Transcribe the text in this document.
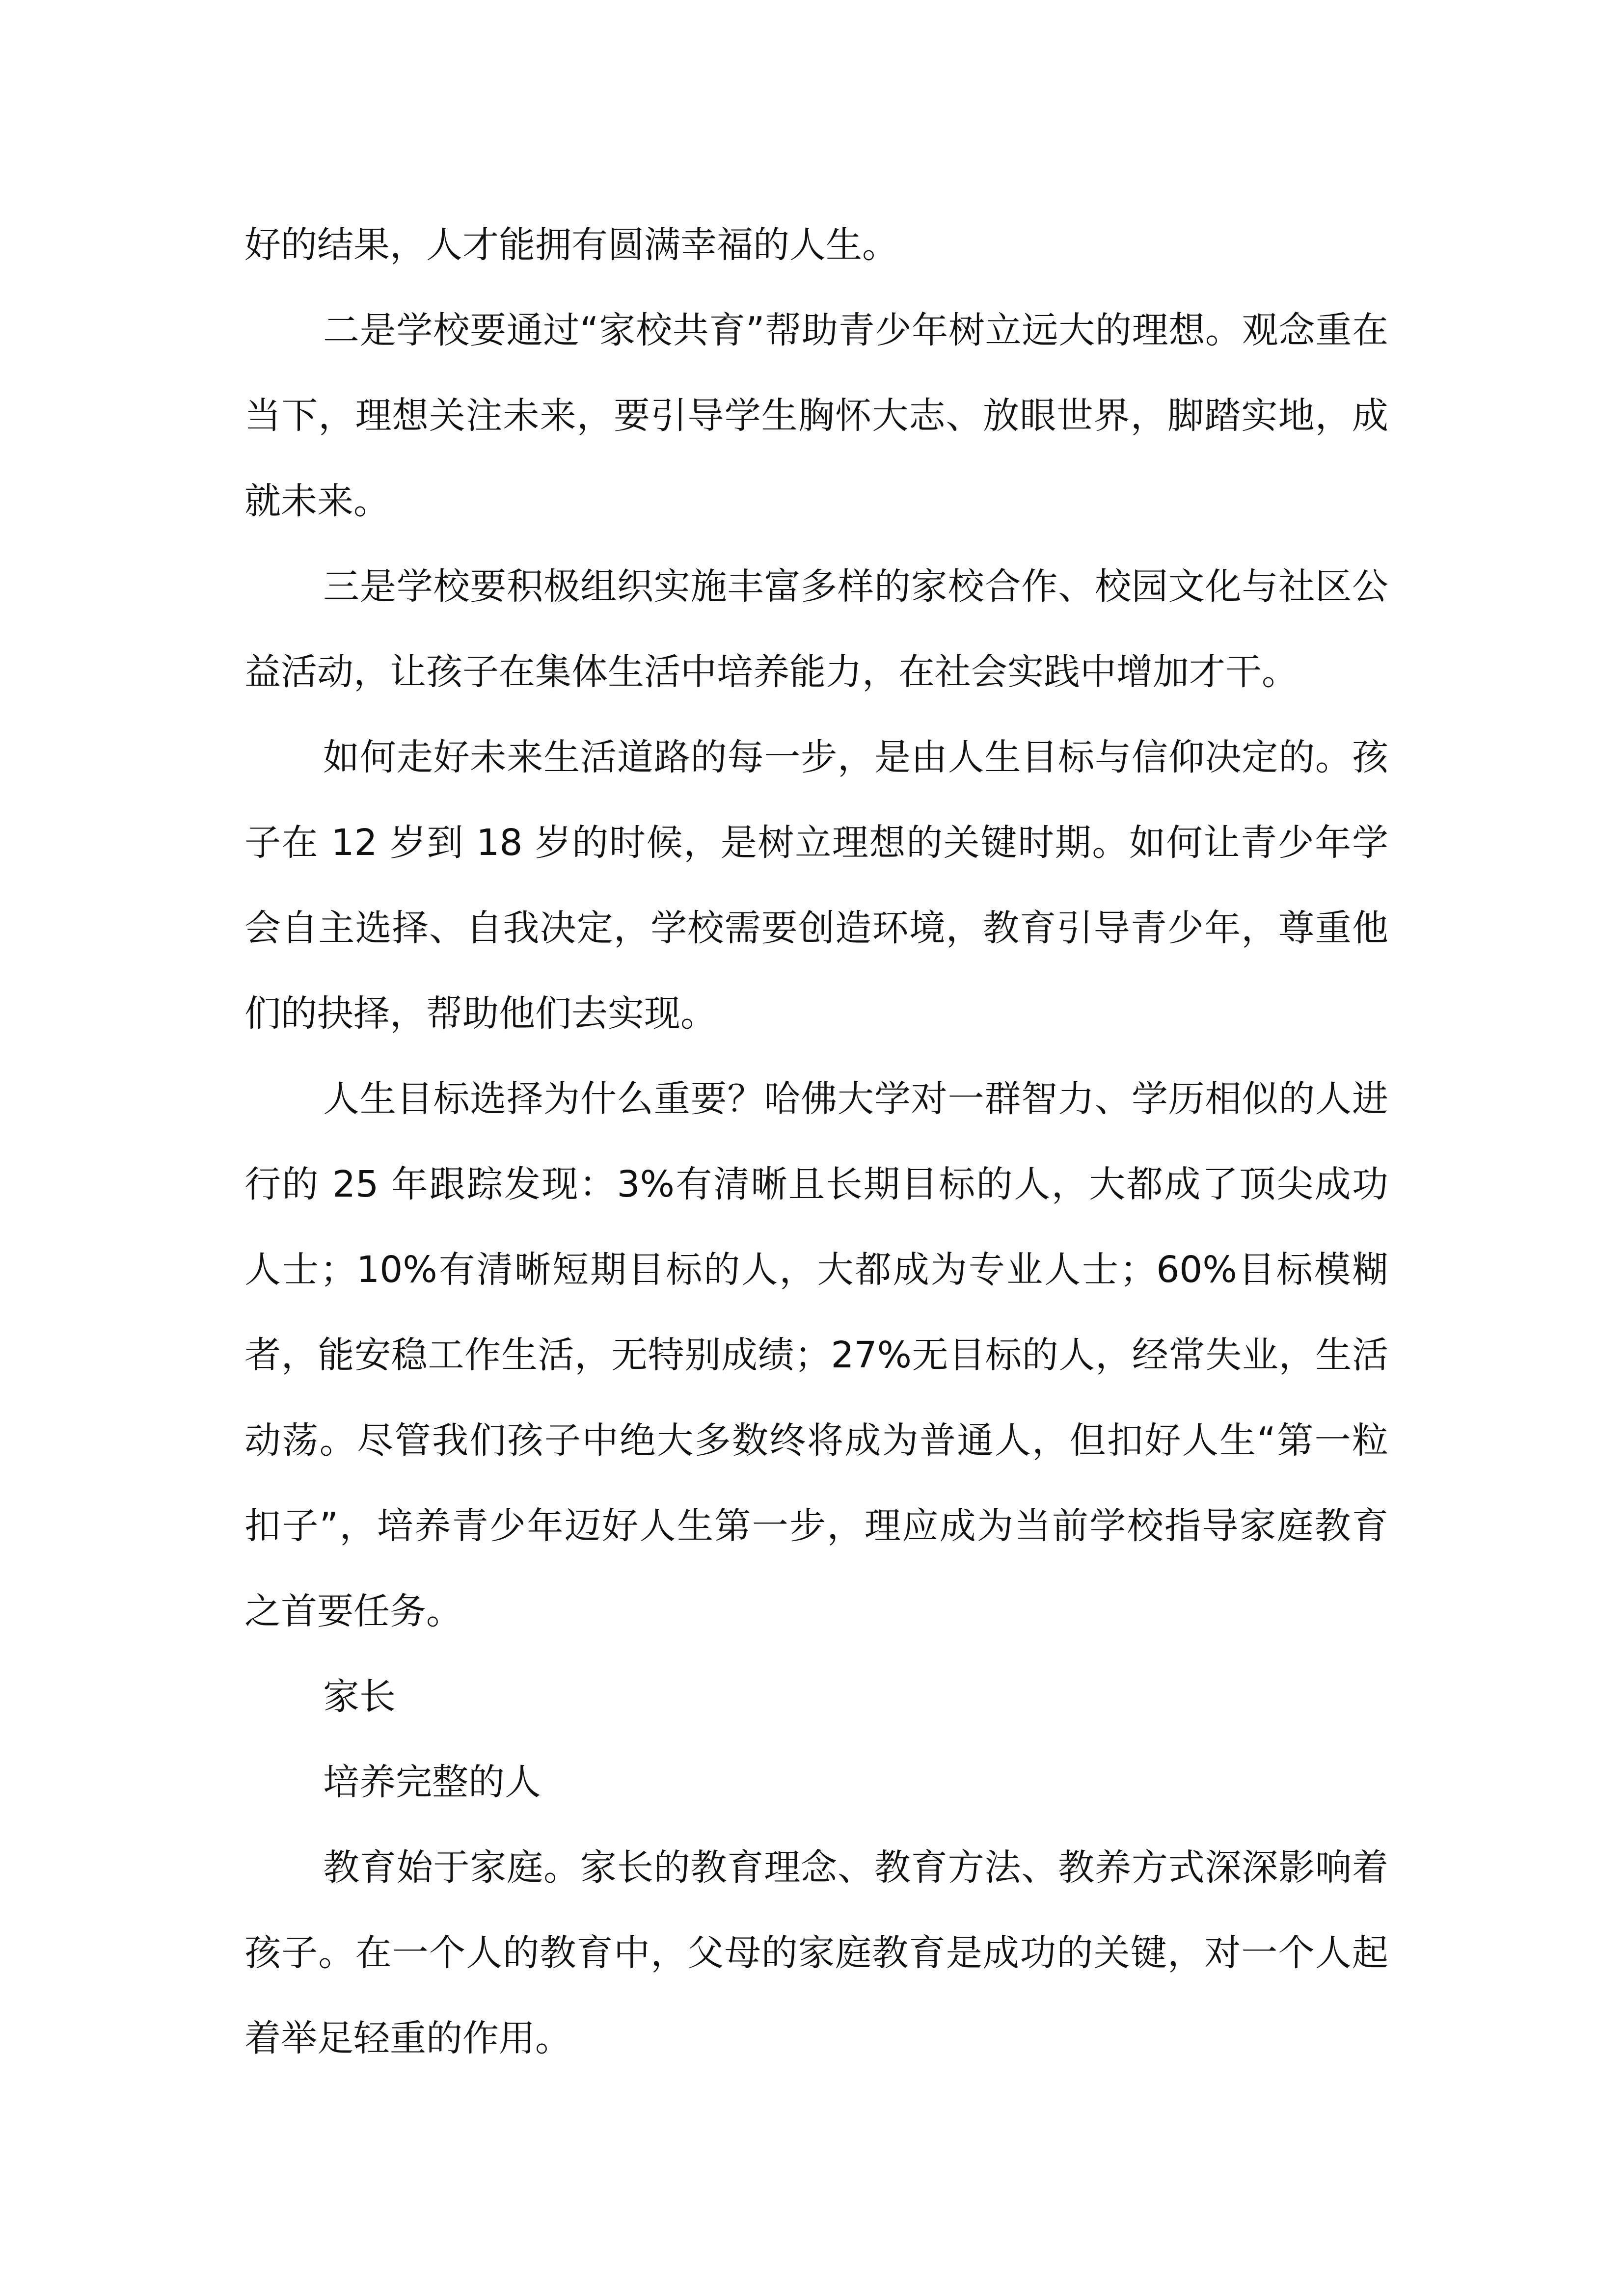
好的结果，人才能拥有圆满幸福的人生。

二是学校要通过“家校共育”帮助青少年树立远大的理想。观念重在当下，理想关注未来，要引导学生胸怀大志、放眼世界，脚踏实地，成就未来。

三是学校要积极组织实施丰富多样的家校合作、校园文化与社区公益活动，让孩子在集体生活中培养能力，在社会实践中增加才干。

如何走好未来生活道路的每一步，是由人生目标与信仰决定的。孩子在 12 岁到 18 岁的时候，是树立理想的关键时期。如何让青少年学会自主选择、自我决定，学校需要创造环境，教育引导青少年，尊重他们的抉择，帮助他们去实现。

人生目标选择为什么重要？哈佛大学对一群智力、学历相似的人进行的 25 年跟踪发现：3%有清晰且长期目标的人，大都成了顶尖成功人士；10%有清晰短期目标的人，大都成为专业人士；60%目标模糊者，能安稳工作生活，无特别成绩；27%无目标的人，经常失业，生活动荡。尽管我们孩子中绝大多数终将成为普通人，但扣好人生“第一粒扣子”，培养青少年迈好人生第一步，理应成为当前学校指导家庭教育之首要任务。

家长

培养完整的人

教育始于家庭。家长的教育理念、教育方法、教养方式深深影响着孩子。在一个人的教育中，父母的家庭教育是成功的关键，对一个人起着举足轻重的作用。
